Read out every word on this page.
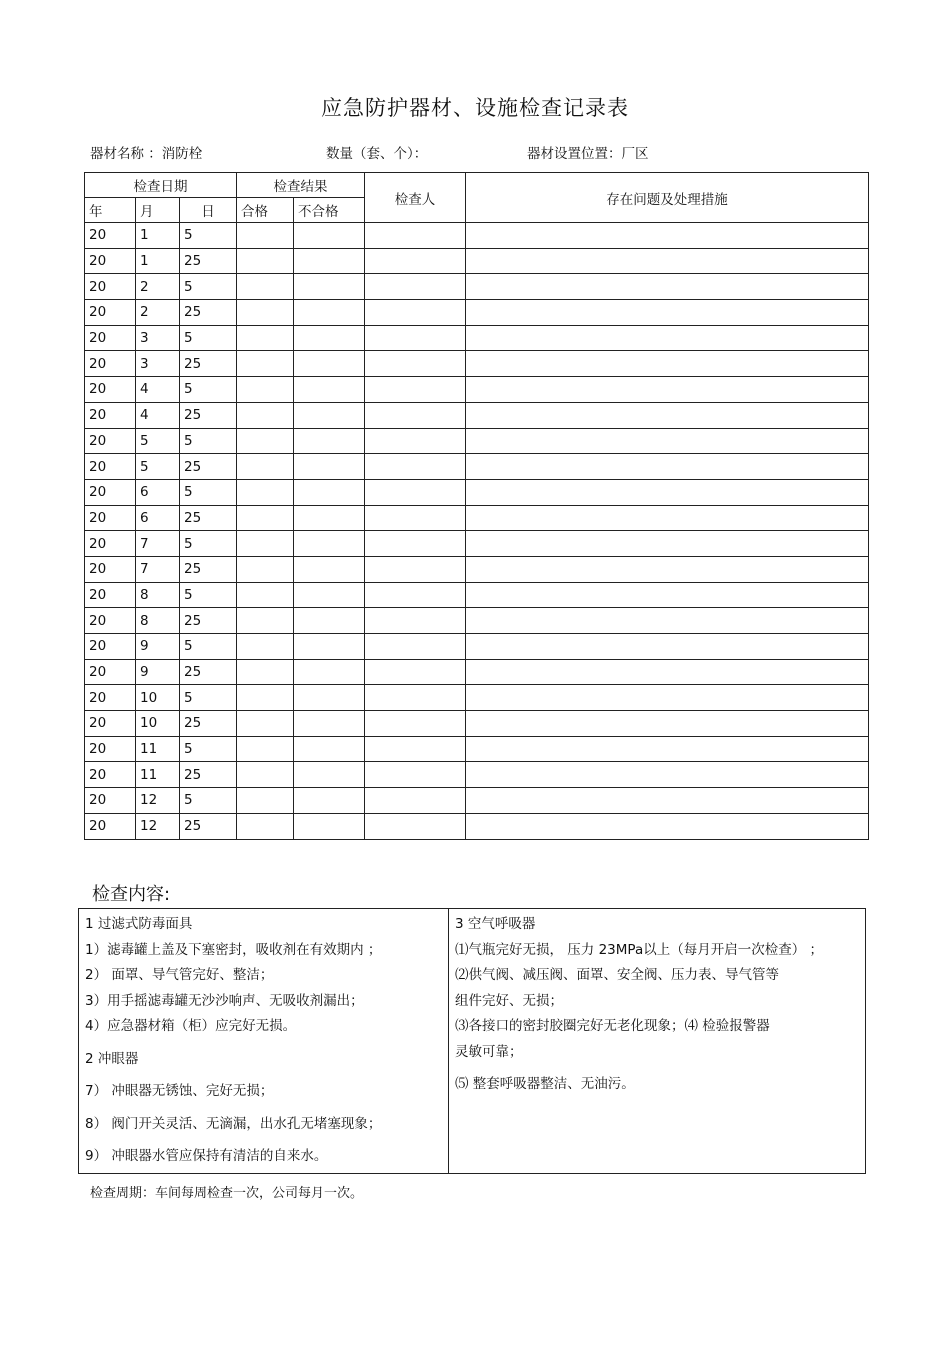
应急防护器材、设施检查记录表
器材名称 ：消防栓	数量（套、个）：	器材设置位置：厂区
检查日期			检查结果		检查人	存在问题及处理措施
年	月	日	合格	不合格		
20	1	5				
20	1	25				
20	2	5				
20	2	25				
20	3	5				
20	3	25				
20	4	5				
20	4	25				
20	5	5				
20	5	25				
20	6	5				
20	6	25				
20	7	5				
20	7	25				
20	8	5				
20	8	25				
20	9	5				
20	9	25				
20	10	5				
20	10	25				
20	11	5				
20	11	25				
20	12	5				
20	12	25				
检查内容:
1 过滤式防毒面具
1）滤毒罐上盖及下塞密封，吸收剂在有效期内 ；
2） 面罩、导气管完好、整洁；
3）用手摇滤毒罐无沙沙响声、无吸收剂漏出；
4）应急器材箱（柜）应完好无损。
2 冲眼器
7） 冲眼器无锈蚀、完好无损；
8） 阀门开关灵活、无滴漏，出水孔无堵塞现象；
9） 冲眼器水管应保持有清洁的自来水。

3 空气呼吸器
⑴气瓶完好无损， 压力 23MPa以上（每月开启一次检查） ；
⑵供气阀、减压阀、面罩、安全阀、压力表、导气管等
组件完好、无损；
⑶各接口的密封胶圈完好无老化现象；⑷ 检验报警器
灵敏可靠；
⑸ 整套呼吸器整洁、无油污。
检查周期：车间每周检查一次，公司每月一次。
